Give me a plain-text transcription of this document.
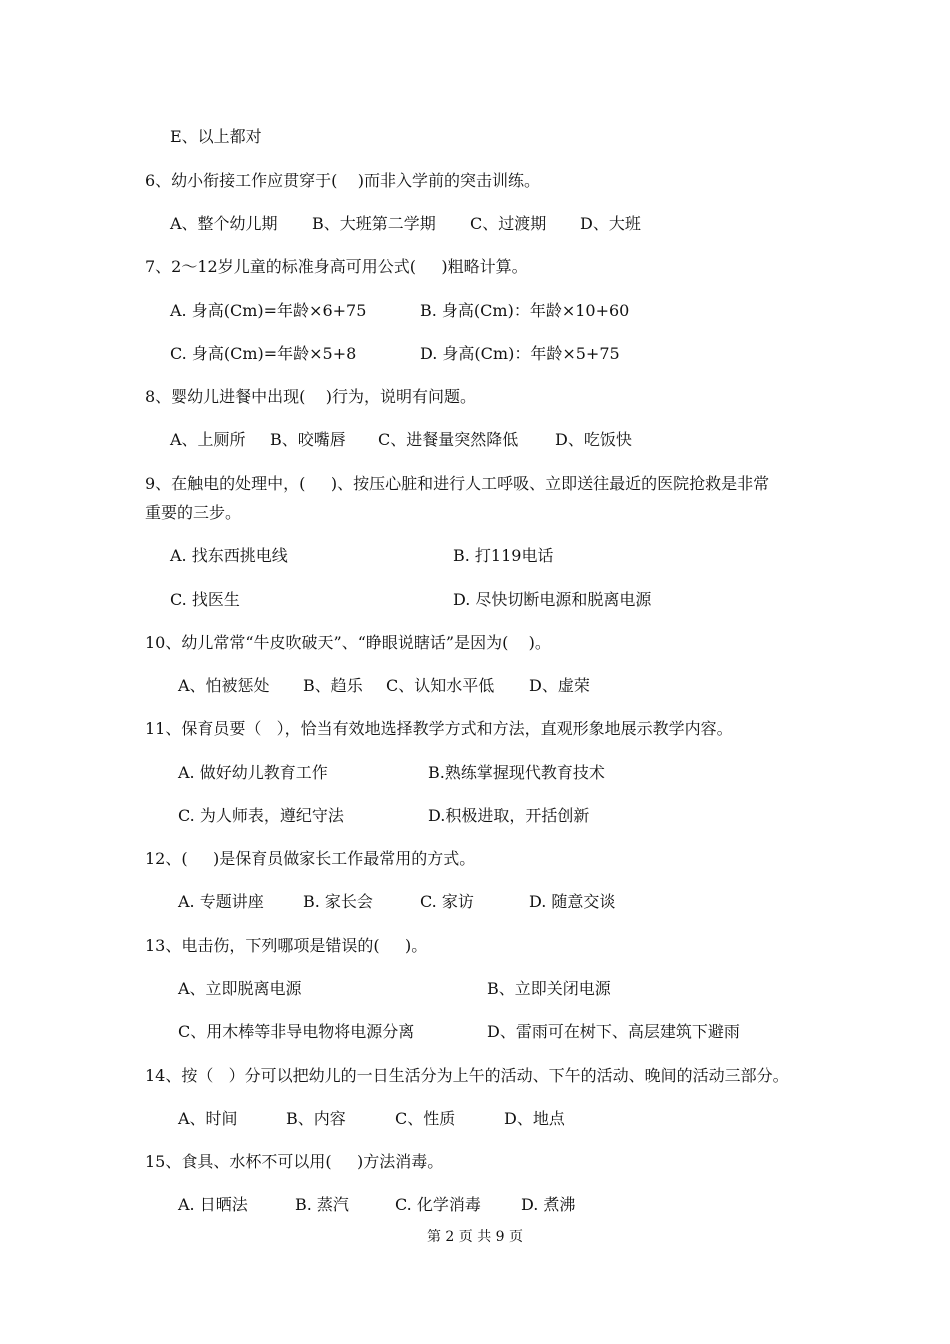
E、以上都对
6、幼小衔接工作应贯穿于(    )而非入学前的突击训练。
A、整个幼儿期 B、大班第二学期 C、过渡期 D、大班
7、2～12岁儿童的标准身高可用公式(     )粗略计算。
A. 身高(Cm)=年龄×6+75	B. 身高(Cm)：年龄×10+60
C. 身高(Cm)=年龄×5+8	D. 身高(Cm)：年龄×5+75
8、婴幼儿进餐中出现(    )行为，说明有问题。
A、上厕所 B、咬嘴唇 C、进餐量突然降低 D、吃饭快
9、在触电的处理中，(     )、按压心脏和进行人工呼吸、立即送往最近的医院抢救是非常
重要的三步。
A. 找东西挑电线	B. 打119电话
C. 找医生	D. 尽快切断电源和脱离电源
10、幼儿常常“牛皮吹破天”、“睁眼说瞎话”是因为(    )。
A、怕被惩处 B、趋乐 C、认知水平低 D、虚荣
11、保育员要（   ），恰当有效地选择教学方式和方法，直观形象地展示教学内容。
A. 做好幼儿教育工作	B.熟练掌握现代教育技术
C. 为人师表，遵纪守法	D.积极进取，开括创新
12、(     )是保育员做家长工作最常用的方式。
A. 专题讲座 B. 家长会	C. 家访	D. 随意交谈
13、电击伤，下列哪项是错误的(     )。
A、立即脱离电源	B、立即关闭电源
C、用木棒等非导电物将电源分离	D、雷雨可在树下、高层建筑下避雨
14、按（   ）分可以把幼儿的一日生活分为上午的活动、下午的活动、晚间的活动三部分。
A、时间	B、内容	C、性质	D、地点
15、食具、水杯不可以用(     )方法消毒。
A. 日晒法	B. 蒸汽	C. 化学消毒	D. 煮沸
第 2 页 共 9 页
